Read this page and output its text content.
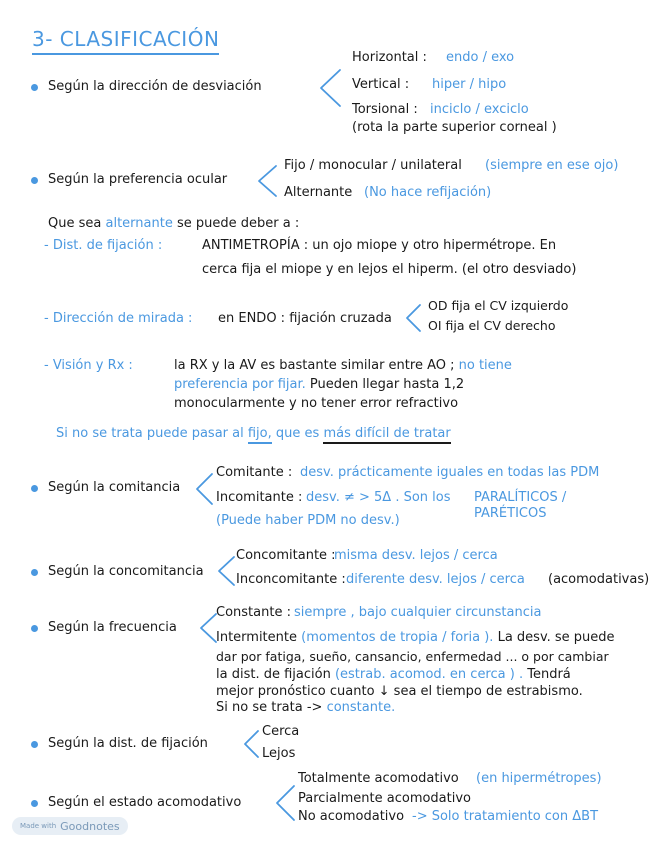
3- CLASIFICACIÓN
Según la dirección de desviación
Horizontal : endo / exo
Vertical : hiper / hipo
Torsional : inciclo / exciclo
(rota la parte superior corneal )
Según la preferencia ocular
Fijo / monocular / unilateral (siempre en ese ojo)
Alternante (No hace refijación)
Que sea alternante se puede deber a :
- Dist. de fijación :	ANTIMETROPÍA : un ojo miope y otro hipermétrope. En
cerca fija el miope y en lejos el hiperm. (el otro desviado)
- Dirección de mirada : en ENDO : fijación cruzada
OD fija el CV izquierdo
OI fija el CV derecho
- Visión y Rx :	la RX y la AV es bastante similar entre AO ; no tiene
preferencia por fijar. Pueden llegar hasta 1,2
monocularmente y no tener error refractivo
Si no se trata puede pasar al fijo, que es más difícil de tratar
Según la comitancia
Comitante : desv. prácticamente iguales en todas las PDM
Incomitante : desv. ≠ > 5Δ . Son los PARALÍTICOS /
PARÉTICOS
(Puede haber PDM no desv.)
Según la concomitancia
Concomitante :
misma desv. lejos / cerca
Inconcomitante : diferente desv. lejos / cerca (acomodativas)
Según la frecuencia
Constante : siempre , bajo cualquier circunstancia
Intermitente (momentos de tropia / foria ). La desv. se puede
dar por fatiga, sueño, cansancio, enfermedad ... o por cambiar
la dist. de fijación (estrab. acomod. en cerca ) . Tendrá
mejor pronóstico cuanto ↓ sea el tiempo de estrabismo.
Si no se trata -> constante.
Según la dist. de fijación
Cerca
Lejos
Según el estado acomodativo
Totalmente acomodativo (en hipermétropes)
Parcialmente acomodativo
No acomodativo -> Solo tratamiento con ΔBT
Made with Goodnotes
